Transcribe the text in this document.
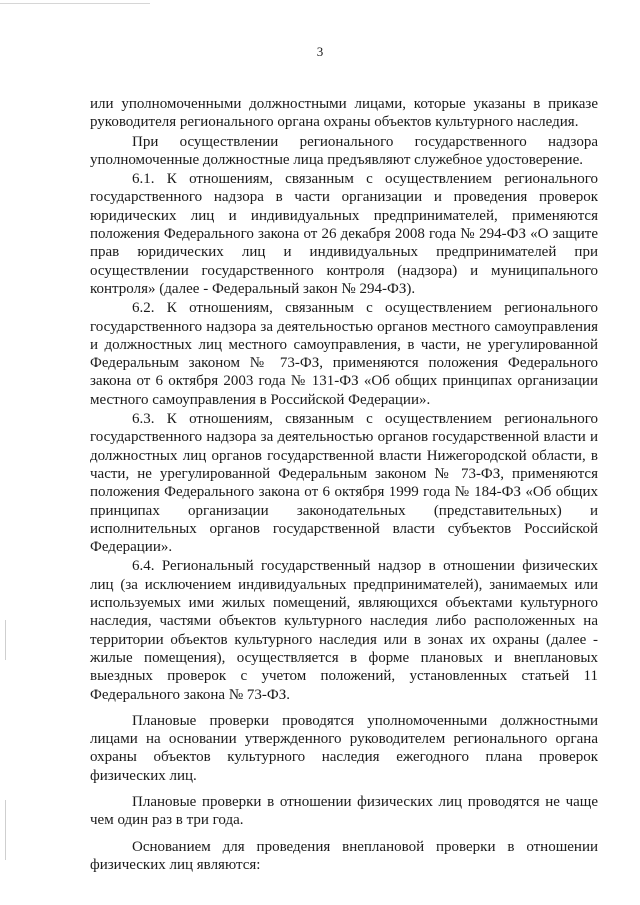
3

или уполномоченными должностными лицами, которые указаны в приказе руководителя регионального органа охраны объектов культурного наследия.

При осуществлении регионального государственного надзора уполномоченные должностные лица предъявляют служебное удостоверение.

6.1. К отношениям, связанным с осуществлением регионального государственного надзора в части организации и проведения проверок юридических лиц и индивидуальных предпринимателей, применяются положения Федерального закона от 26 декабря 2008 года № 294-ФЗ «О защите прав юридических лиц и индивидуальных предпринимателей при осуществлении государственного контроля (надзора) и муниципального контроля» (далее - Федеральный закон № 294-ФЗ).

6.2. К отношениям, связанным с осуществлением регионального государственного надзора за деятельностью органов местного самоуправления и должностных лиц местного самоуправления, в части, не урегулированной Федеральным законом № 73-ФЗ, применяются положения Федерального закона от 6 октября 2003 года № 131-ФЗ «Об общих принципах организации местного самоуправления в Российской Федерации».

6.3. К отношениям, связанным с осуществлением регионального государственного надзора за деятельностью органов государственной власти и должностных лиц органов государственной власти Нижегородской области, в части, не урегулированной Федеральным законом № 73-ФЗ, применяются положения Федерального закона от 6 октября 1999 года № 184-ФЗ «Об общих принципах организации законодательных (представительных) и исполнительных органов государственной власти субъектов Российской Федерации».

6.4. Региональный государственный надзор в отношении физических лиц (за исключением индивидуальных предпринимателей), занимаемых или используемых ими жилых помещений, являющихся объектами культурного наследия, частями объектов культурного наследия либо расположенных на территории объектов культурного наследия или в зонах их охраны (далее - жилые помещения), осуществляется в форме плановых и внеплановых выездных проверок с учетом положений, установленных статьей 11 Федерального закона № 73-ФЗ.

Плановые проверки проводятся уполномоченными должностными лицами на основании утвержденного руководителем регионального органа охраны объектов культурного наследия ежегодного плана проверок физических лиц.

Плановые проверки в отношении физических лиц проводятся не чаще чем один раз в три года.

Основанием для проведения внеплановой проверки в отношении физических лиц являются:
